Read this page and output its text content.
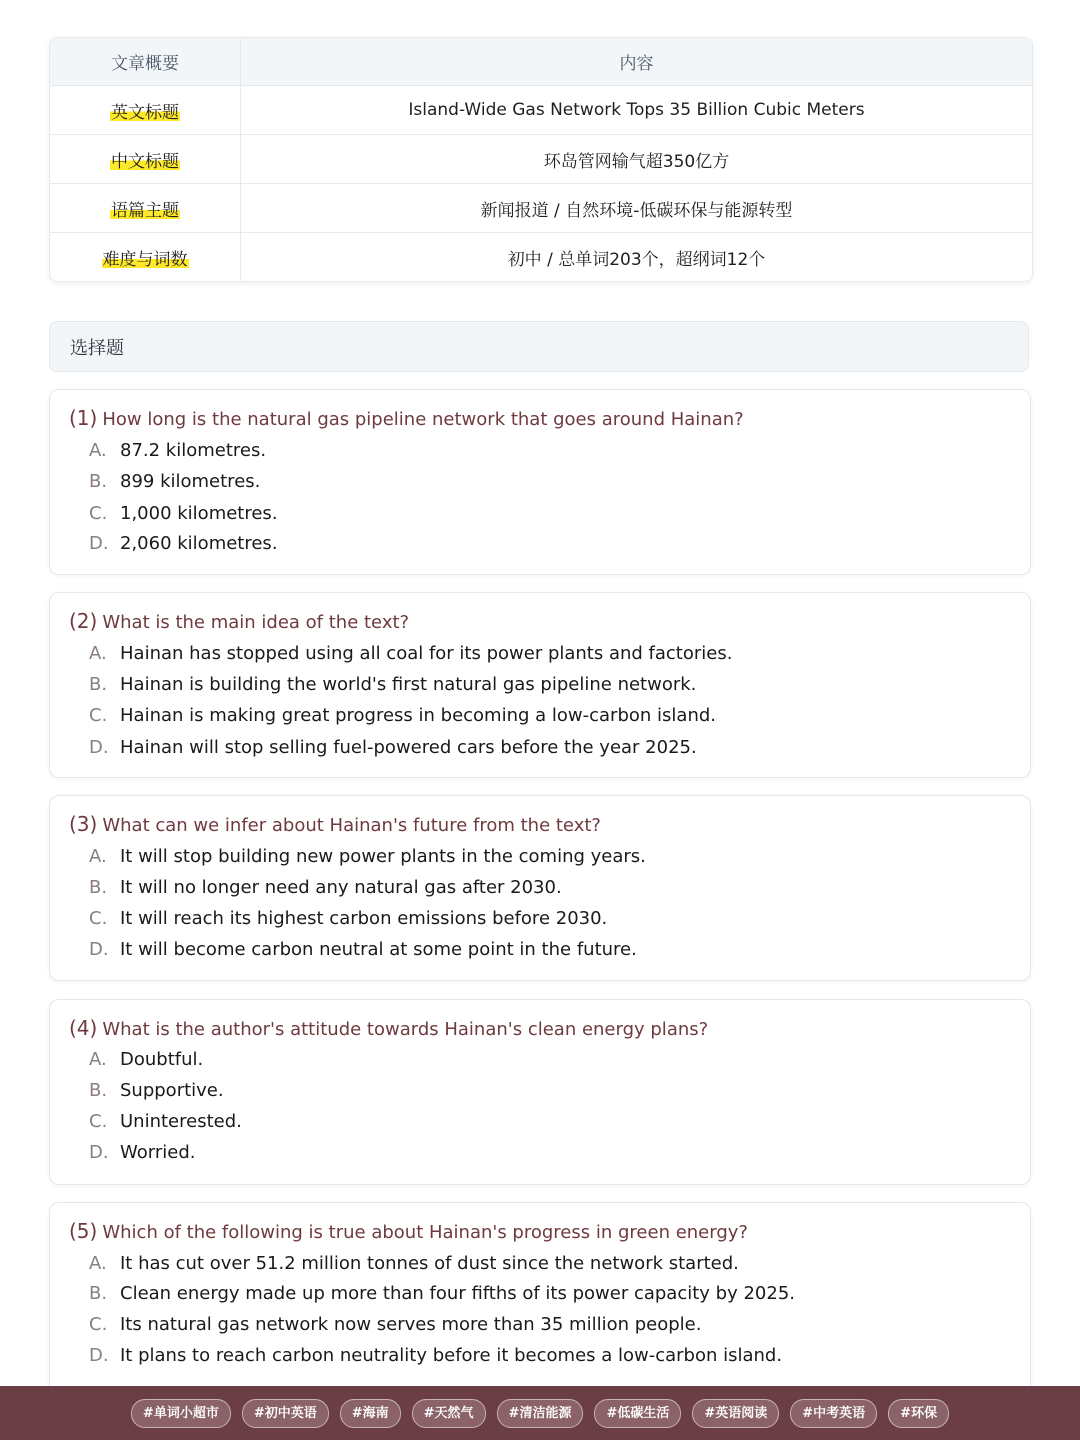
文章概要	内容
英文标题	Island-Wide Gas Network Tops 35 Billion Cubic Meters
中文标题	环岛管网输气超350亿方
语篇主题	新闻报道 / 自然环境-低碳环保与能源转型
难度与词数	初中 / 总单词203个，超纲词12个
选择题
(1) How long is the natural gas pipeline network that goes around Hainan?
A. 87.2 kilometres.
B. 899 kilometres.
C. 1,000 kilometres.
D. 2,060 kilometres.
(2) What is the main idea of the text?
A. Hainan has stopped using all coal for its power plants and factories.
B. Hainan is building the world's first natural gas pipeline network.
C. Hainan is making great progress in becoming a low-carbon island.
D. Hainan will stop selling fuel-powered cars before the year 2025.
(3) What can we infer about Hainan's future from the text?
A. It will stop building new power plants in the coming years.
B. It will no longer need any natural gas after 2030.
C. It will reach its highest carbon emissions before 2030.
D. It will become carbon neutral at some point in the future.
(4) What is the author's attitude towards Hainan's clean energy plans?
A. Doubtful.
B. Supportive.
C. Uninterested.
D. Worried.
(5) Which of the following is true about Hainan's progress in green energy?
A. It has cut over 51.2 million tonnes of dust since the network started.
B. Clean energy made up more than four fifths of its power capacity by 2025.
C. Its natural gas network now serves more than 35 million people.
D. It plans to reach carbon neutrality before it becomes a low-carbon island.
#单词小超市	#初中英语	#海南	#天然气	#清洁能源	#低碳生活	#英语阅读	#中考英语	#环保
